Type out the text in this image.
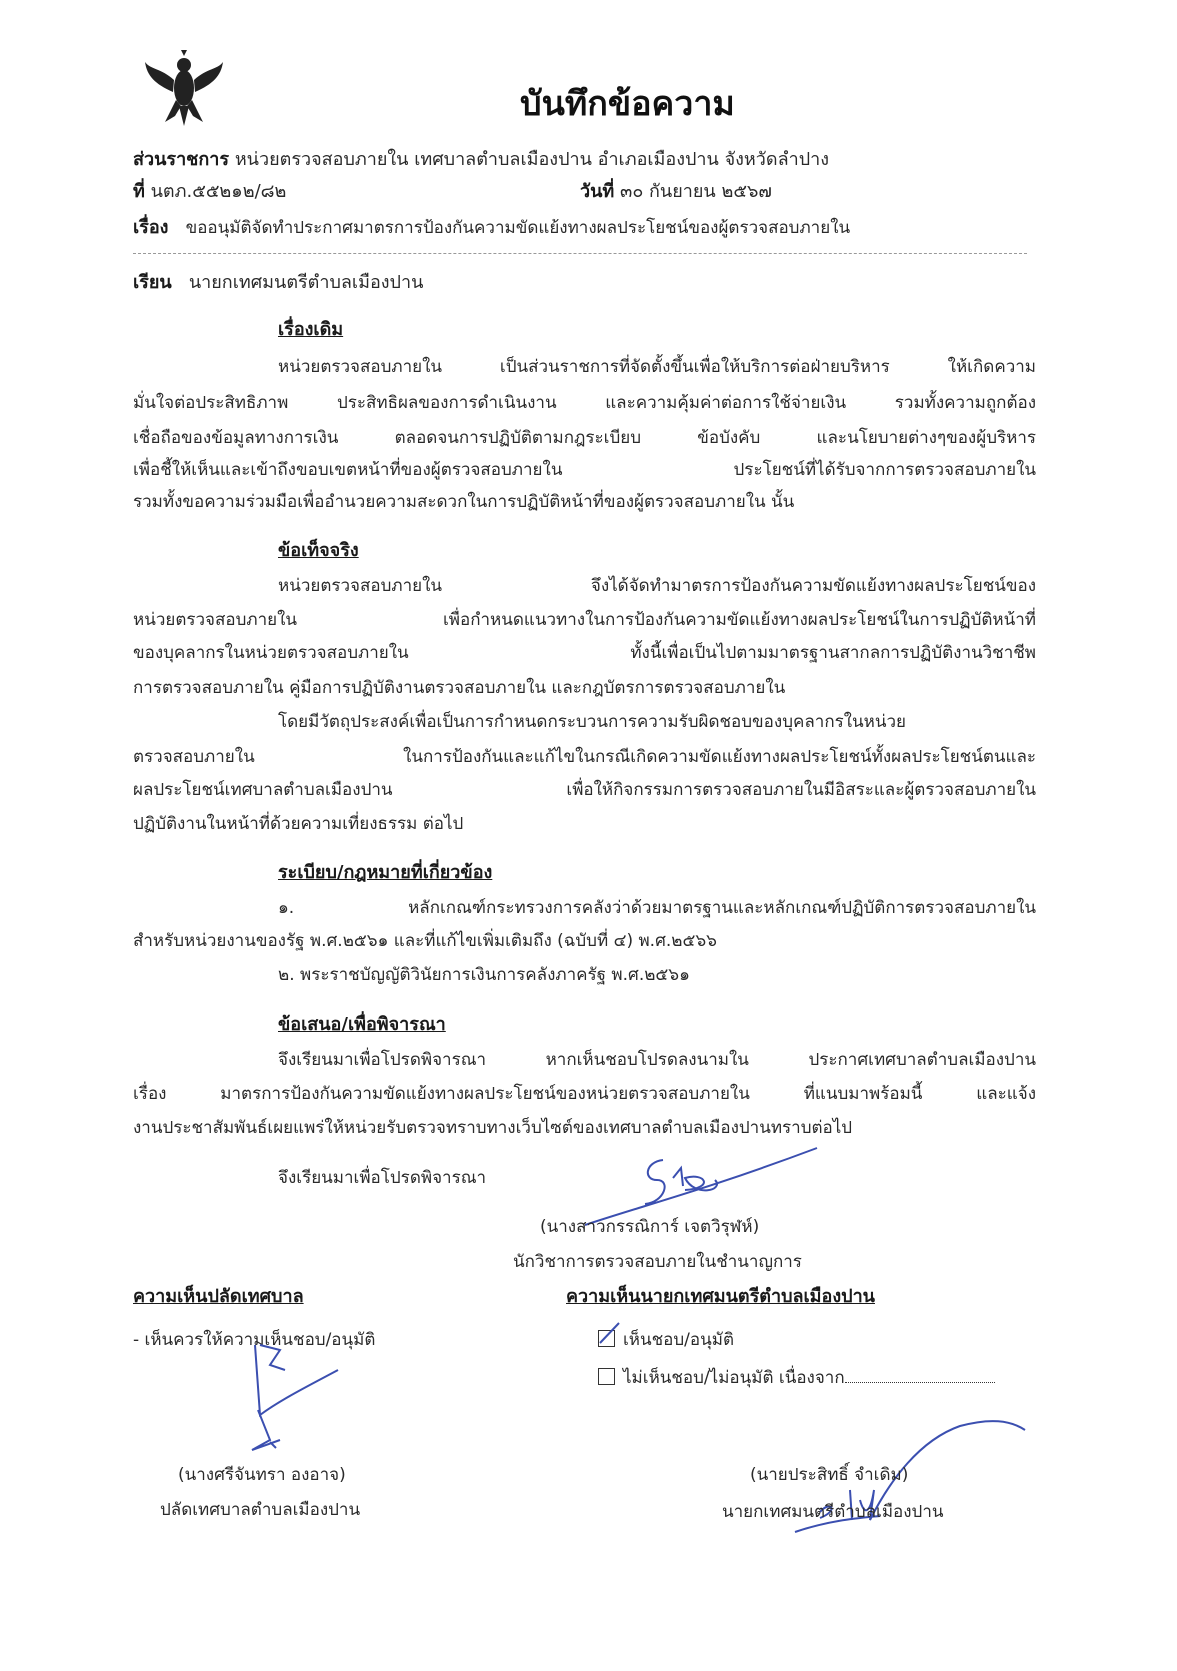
บันทึกข้อความ
ส่วนราชการ หน่วยตรวจสอบภายใน เทศบาลตำบลเมืองปาน อำเภอเมืองปาน จังหวัดลำปาง
ที่ นตภ.๕๕๒๑๒/๘๒	วันที่ ๓๐ กันยายน ๒๕๖๗
เรื่อง ขออนุมัติจัดทำประกาศมาตรการป้องกันความขัดแย้งทางผลประโยชน์ของผู้ตรวจสอบภายใน
เรียน นายกเทศมนตรีตำบลเมืองปาน
เรื่องเดิม
หน่วยตรวจสอบภายใน เป็นส่วนราชการที่จัดตั้งขึ้นเพื่อให้บริการต่อฝ่ายบริหาร ให้เกิดความ
มั่นใจต่อประสิทธิภาพ ประสิทธิผลของการดำเนินงาน และความคุ้มค่าต่อการใช้จ่ายเงิน รวมทั้งความถูกต้อง
เชื่อถือของข้อมูลทางการเงิน ตลอดจนการปฏิบัติตามกฎระเบียบ ข้อบังคับ และนโยบายต่างๆของผู้บริหาร
เพื่อชี้ให้เห็นและเข้าถึงขอบเขตหน้าที่ของผู้ตรวจสอบภายใน ประโยชน์ที่ได้รับจากการตรวจสอบภายใน
รวมทั้งขอความร่วมมือเพื่ออำนวยความสะดวกในการปฏิบัติหน้าที่ของผู้ตรวจสอบภายใน นั้น
ข้อเท็จจริง
หน่วยตรวจสอบภายใน จึงได้จัดทำมาตรการป้องกันความขัดแย้งทางผลประโยชน์ของ
หน่วยตรวจสอบภายใน เพื่อกำหนดแนวทางในการป้องกันความขัดแย้งทางผลประโยชน์ในการปฏิบัติหน้าที่
ของบุคลากรในหน่วยตรวจสอบภายใน ทั้งนี้เพื่อเป็นไปตามมาตรฐานสากลการปฏิบัติงานวิชาชีพ
การตรวจสอบภายใน คู่มือการปฏิบัติงานตรวจสอบภายใน และกฎบัตรการตรวจสอบภายใน
โดยมีวัตถุประสงค์เพื่อเป็นการกำหนดกระบวนการความรับผิดชอบของบุคลากรในหน่วย
ตรวจสอบภายใน ในการป้องกันและแก้ไขในกรณีเกิดความขัดแย้งทางผลประโยชน์ทั้งผลประโยชน์ตนและ
ผลประโยชน์เทศบาลตำบลเมืองปาน เพื่อให้กิจกรรมการตรวจสอบภายในมีอิสระและผู้ตรวจสอบภายใน
ปฏิบัติงานในหน้าที่ด้วยความเที่ยงธรรม ต่อไป
ระเบียบ/กฎหมายที่เกี่ยวข้อง
๑. หลักเกณฑ์กระทรวงการคลังว่าด้วยมาตรฐานและหลักเกณฑ์ปฏิบัติการตรวจสอบภายใน
สำหรับหน่วยงานของรัฐ พ.ศ.๒๕๖๑ และที่แก้ไขเพิ่มเติมถึง (ฉบับที่ ๔) พ.ศ.๒๕๖๖
๒. พระราชบัญญัติวินัยการเงินการคลังภาครัฐ พ.ศ.๒๕๖๑
ข้อเสนอ/เพื่อพิจารณา
จึงเรียนมาเพื่อโปรดพิจารณา หากเห็นชอบโปรดลงนามใน ประกาศเทศบาลตำบลเมืองปาน
เรื่อง มาตรการป้องกันความขัดแย้งทางผลประโยชน์ของหน่วยตรวจสอบภายใน ที่แนบมาพร้อมนี้ และแจ้ง
งานประชาสัมพันธ์เผยแพร่ให้หน่วยรับตรวจทราบทางเว็บไซต์ของเทศบาลตำบลเมืองปานทราบต่อไป
จึงเรียนมาเพื่อโปรดพิจารณา
(นางสาวกรรณิการ์ เจตวิรุฬห์)
นักวิชาการตรวจสอบภายในชำนาญการ
ความเห็นปลัดเทศบาล
- เห็นควรให้ความเห็นชอบ/อนุมัติ
(นางศรีจันทรา องอาจ)
ปลัดเทศบาลตำบลเมืองปาน
ความเห็นนายกเทศมนตรีตำบลเมืองปาน
เห็นชอบ/อนุมัติ
ไม่เห็นชอบ/ไม่อนุมัติ เนื่องจาก
(นายประสิทธิ์ จำเดิม)
นายกเทศมนตรีตำบลเมืองปาน
